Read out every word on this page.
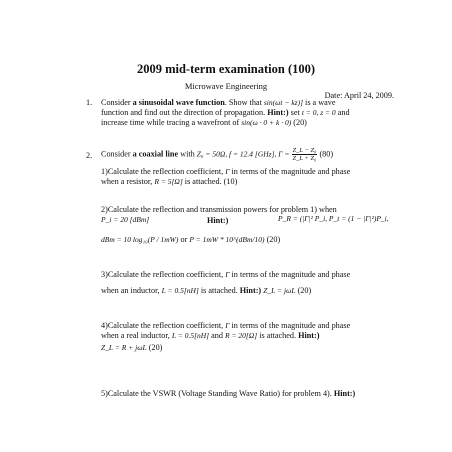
2009 mid-term examination (100)
Microwave Engineering
Date: April 24, 2009.
1. Consider a sinusoidal wave function. Show that sin(ωt − kz)] is a wave
function and find out the direction of propagation. Hint:) set t = 0, z = 0 and
increase time while tracing a wavefront of sin(ω · 0 + k · 0) (20)
2. Consider a coaxial line with Z₀ = 50Ω, f = 12.4 [GHz], $\Gamma = \frac{\text{Z\_L − Z₀}}{\text{Z\_L + Z₀}} (80)$
1)Calculate the reflection coefficient, Γ in terms of the magnitude and phase
when a resistor, R = 5[Ω] is attached. (10)
2)Calculate the reflection and transmission powers for problem 1) when
P_i = 20 [dBm]	Hint:)	P_R = (|Γ|² P_i, P_t = (1 − |Γ|²)P_i,
dBm = 10 log₁₀(P / 1mW) or P = 1mW * 10^(dBm/10) (20)
3)Calculate the reflection coefficient, Γ in terms of the magnitude and phase
when an inductor, L = 0.5[nH] is attached. Hint:) Z_L = jωL (20)
4)Calculate the reflection coefficient, Γ in terms of the magnitude and phase
when a real inductor, L = 0.5[nH] and R = 20[Ω] is attached. Hint:)
Z_L = R + jωL (20)
5)Calculate the VSWR (Voltage Standing Wave Ratio) for problem 4). Hint:)
